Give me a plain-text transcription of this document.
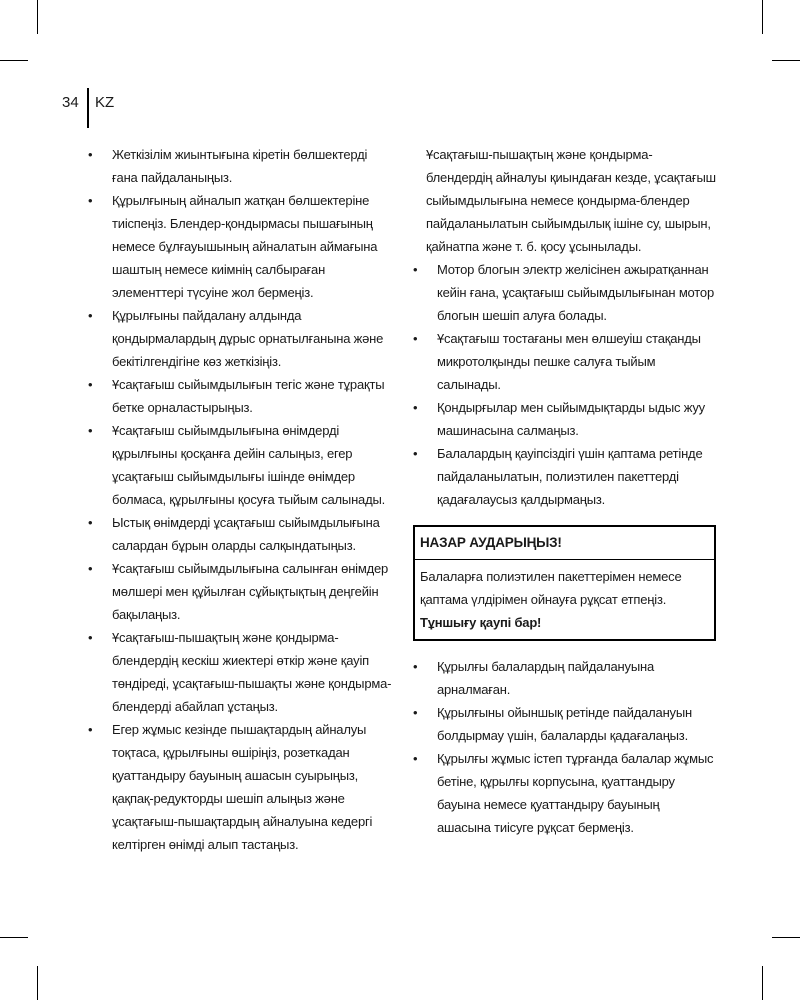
34 KZ
• Жеткізілім жиынтығына кіретін бөлшектерді ғана пайдаланыңыз.
• Құрылғының айналып жатқан бөлшектеріне тиіспеңіз. Блендер-қондырмасы пышағының немесе бұлғауышының айналатын аймағына шаштың немесе киімнің салбыраған элементтері түсуіне жол бермеңіз.
• Құрылғыны пайдалану алдында қондырмалардың дұрыс орнатылғанына және бекітілгендігіне көз жеткізіңіз.
• Ұсақтағыш сыйымдылығын тегіс және тұрақты бетке орналастырыңыз.
• Ұсақтағыш сыйымдылығына өнімдерді құрылғыны қосқанға дейін салыңыз, егер ұсақтағыш сыйымдылығы ішінде өнімдер болмаса, құрылғыны қосуға тыйым салынады.
• Ыстық өнімдерді ұсақтағыш сыйымдылығына салардан бұрын оларды салқындатыңыз.
• Ұсақтағыш сыйымдылығына салынған өнімдер мөлшері мен құйылған сұйықтықтың деңгейін бақылаңыз.
• Ұсақтағыш-пышақтың және қондырма-блендердің кескіш жиектері өткір және қауіп төндіреді, ұсақтағыш-пышақты және қондырма-блендерді абайлап ұстаңыз.
• Егер жұмыс кезінде пышақтардың айналуы тоқтаса, құрылғыны өшіріңіз, розеткадан қуаттандыру бауының ашасын суырыңыз, қақпақ-редукторды шешіп алыңыз және ұсақтағыш-пышақтардың айналуына кедергі келтірген өнімді алып тастаңыз.

Ұсақтағыш-пышақтың және қондырма-блендердің айналуы қиындаған кезде, ұсақтағыш сыйымдылығына немесе қондырма-блендер пайдаланылатын сыйымдылық ішіне су, шырын, қайнатпа және т. б. қосу ұсынылады.

• Мотор блогын электр желісінен ажыратқаннан кейін ғана, ұсақтағыш сыйымдылығынан мотор блогын шешіп алуға болады.
• Ұсақтағыш тостағаны мен өлшеуіш стақанды микротолқынды пешке салуға тыйым салынады.
• Қондырғылар мен сыйымдықтарды ыдыс жуу машинасына салмаңыз.
• Балалардың қауіпсіздігі үшін қаптама ретінде пайдаланылатын, полиэтилен пакеттерді қадағалаусыз қалдырмаңыз.
НАЗАР АУДАРЫҢЫЗ!
Балаларға полиэтилен пакеттерімен немесе қаптама үлдірімен ойнауға рұқсат етпеңіз. Тұншығу қаупі бар!
• Құрылғы балалардың пайдалануына арналмаған.
• Құрылғыны ойыншық ретінде пайдалануын болдырмау үшін, балаларды қадағалаңыз.
• Құрылғы жұмыс істеп тұрғанда балалар жұмыс бетіне, құрылғы корпусына, қуаттандыру бауына немесе қуаттандыру бауының ашасына тиісуге рұқсат бермеңіз.
